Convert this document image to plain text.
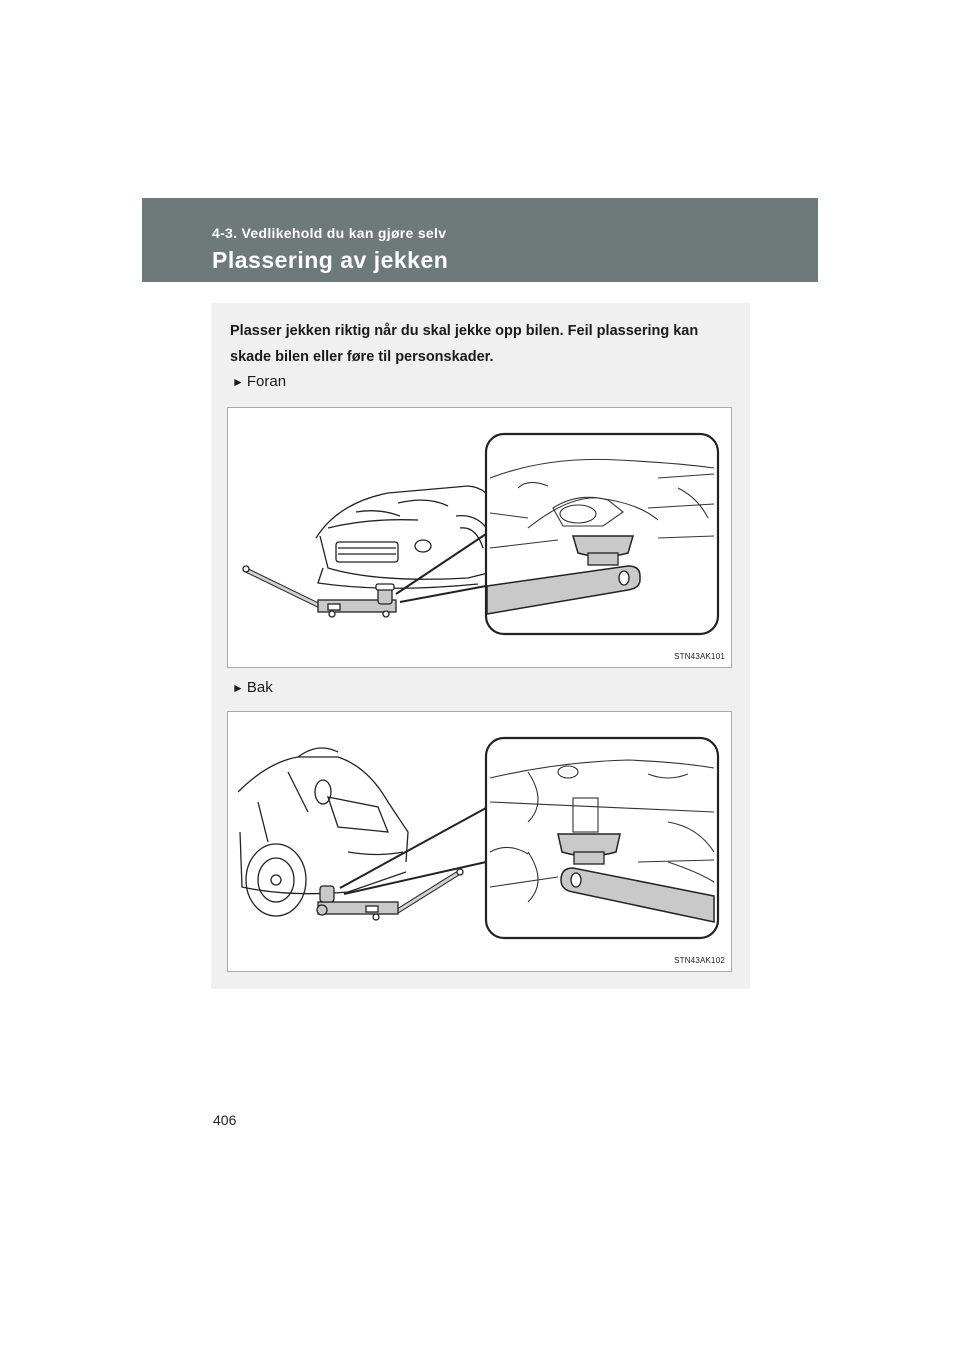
4-3. Vedlikehold du kan gjøre selv
Plassering av jekken

Plasser jekken riktig når du skal jekke opp bilen. Feil plassering kan skade bilen eller føre til personskader.

► Foran
STN43AK101
► Bak
STN43AK102
406
